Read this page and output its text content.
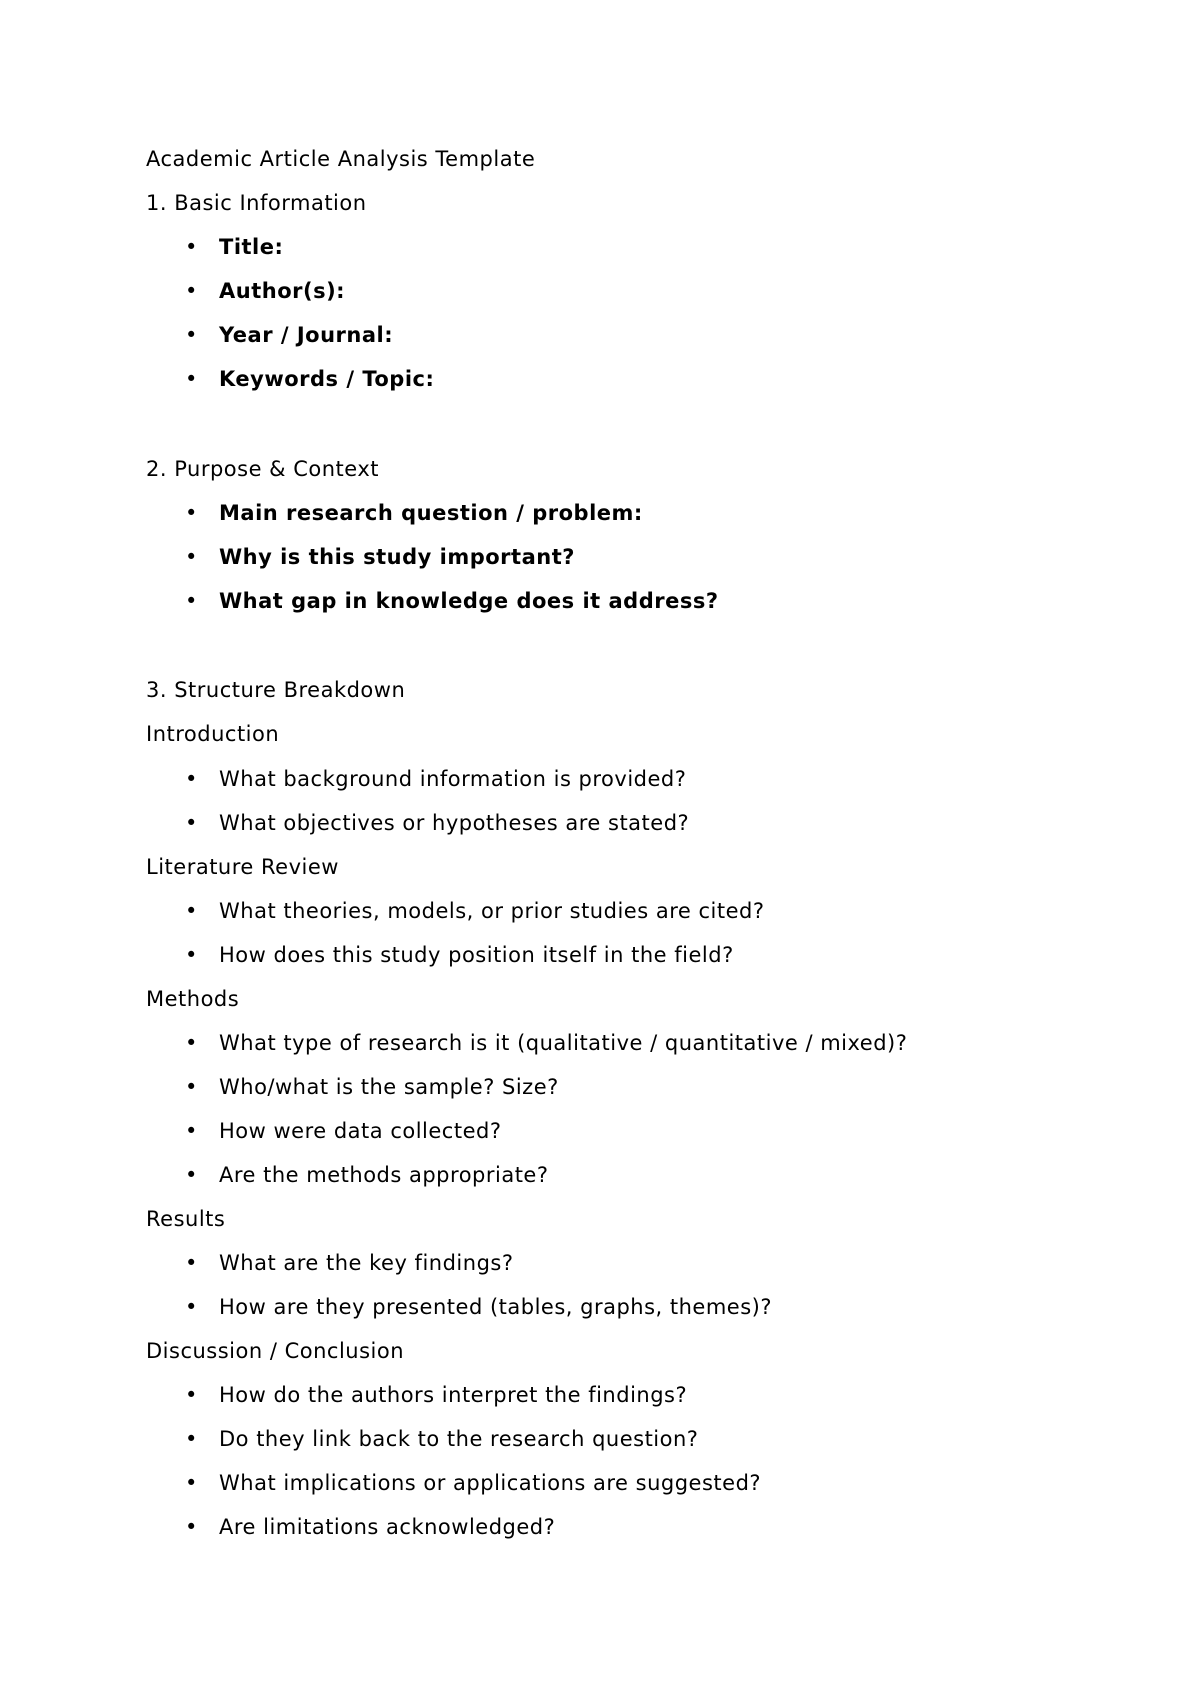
Academic Article Analysis Template
1. Basic Information
• Title:
• Author(s):
• Year / Journal:
• Keywords / Topic:
2. Purpose & Context
• Main research question / problem:
• Why is this study important?
• What gap in knowledge does it address?
3. Structure Breakdown
Introduction
• What background information is provided?
• What objectives or hypotheses are stated?
Literature Review
• What theories, models, or prior studies are cited?
• How does this study position itself in the field?
Methods
• What type of research is it (qualitative / quantitative / mixed)?
• Who/what is the sample? Size?
• How were data collected?
• Are the methods appropriate?
Results
• What are the key findings?
• How are they presented (tables, graphs, themes)?
Discussion / Conclusion
• How do the authors interpret the findings?
• Do they link back to the research question?
• What implications or applications are suggested?
• Are limitations acknowledged?
